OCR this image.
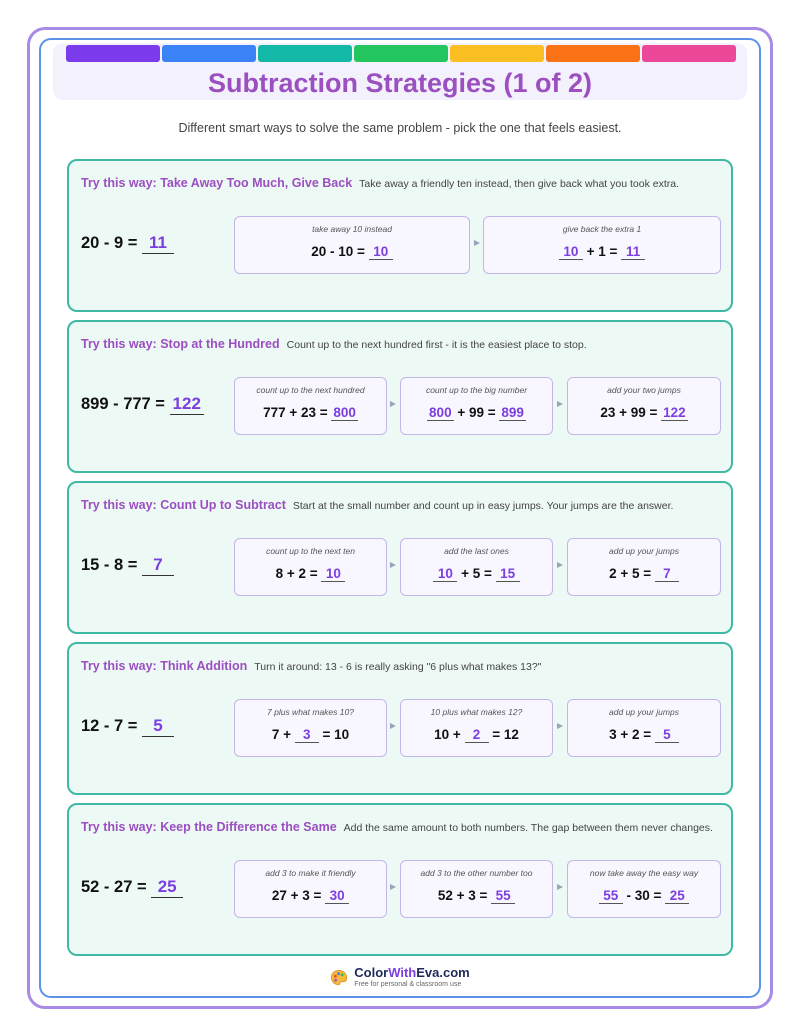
Subtraction Strategies (1 of 2)
Different smart ways to solve the same problem - pick the one that feels easiest.
Try this way: Take Away Too Much, Give Back Take away a friendly ten instead, then give back what you took extra.
20 - 9 = 11
take away 10 instead
20 - 10 = 10
give back the extra 1
10 + 1 = 11
Try this way: Stop at the Hundred Count up to the next hundred first - it is the easiest place to stop.
899 - 777 = 122
count up to the next hundred
777 + 23 = 800
count up to the big number
800 + 99 = 899
add your two jumps
23 + 99 = 122
Try this way: Count Up to Subtract Start at the small number and count up in easy jumps. Your jumps are the answer.
15 - 8 = 7
count up to the next ten
8 + 2 = 10
add the last ones
10 + 5 = 15
add up your jumps
2 + 5 = 7
Try this way: Think Addition Turn it around: 13 - 6 is really asking "6 plus what makes 13?"
12 - 7 = 5
7 plus what makes 10?
7 + 3 = 10
10 plus what makes 12?
10 + 2 = 12
add up your jumps
3 + 2 = 5
Try this way: Keep the Difference the Same Add the same amount to both numbers. The gap between them never changes.
52 - 27 = 25
add 3 to make it friendly
27 + 3 = 30
add 3 to the other number too
52 + 3 = 55
now take away the easy way
55 - 30 = 25
ColorWithEva.com
Free for personal & classroom use
